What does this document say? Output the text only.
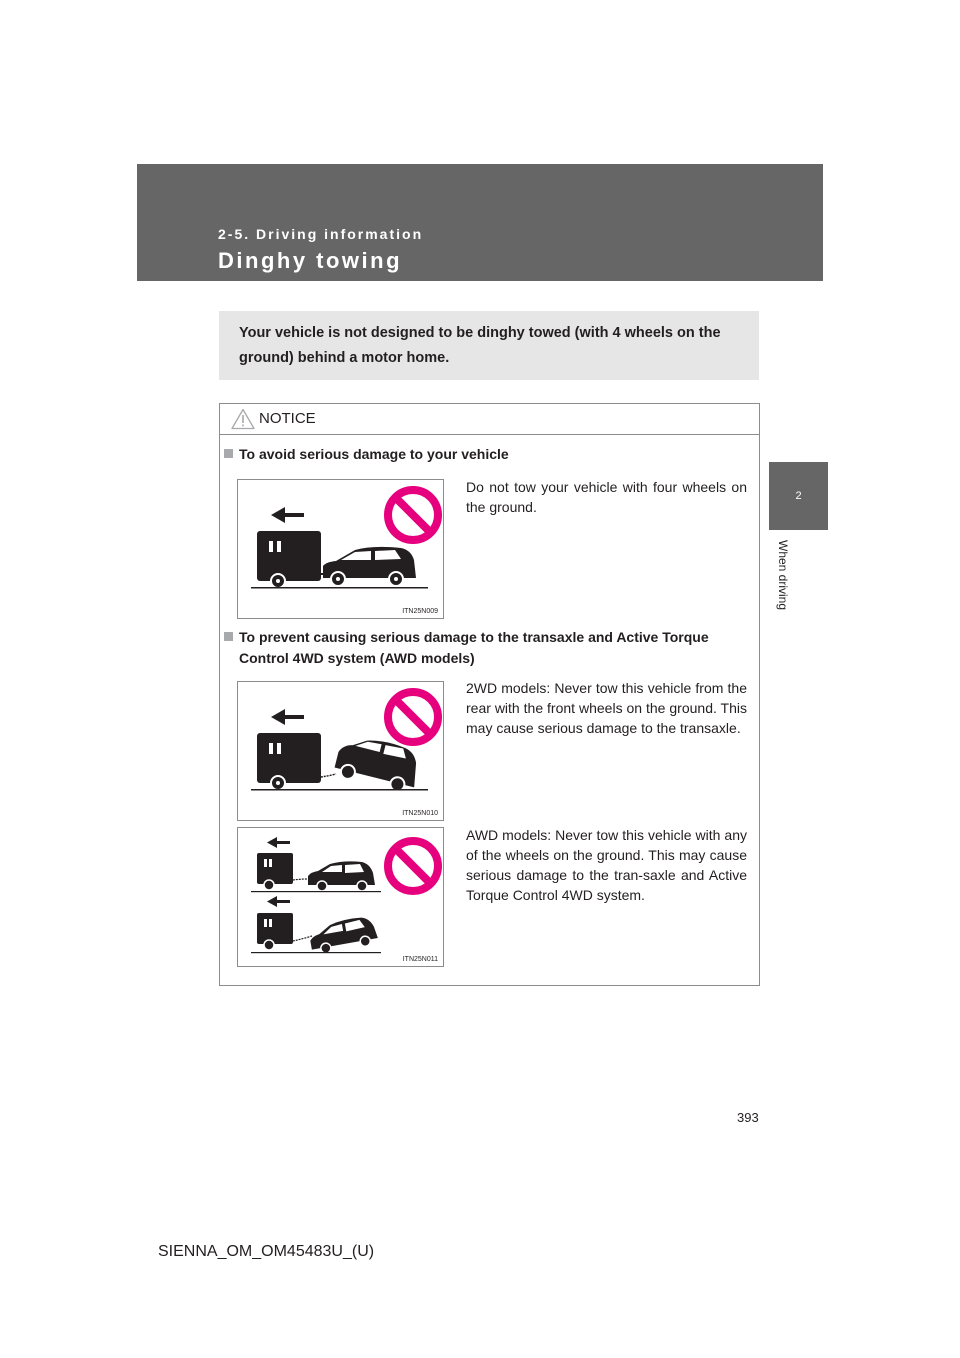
2-5. Driving information
Dinghy towing
2
When driving
Your vehicle is not designed to be dinghy towed (with 4 wheels on the ground) behind a motor home.
NOTICE
To avoid serious damage to your vehicle
ITN25N009
Do not tow your vehicle with four wheels on the ground.
To prevent causing serious damage to the transaxle and Active Torque
Control 4WD system (AWD models)
ITN25N010
2WD models: Never tow this vehicle from the rear with the front wheels on the ground. This may cause serious damage to the transaxle.
ITN25N011
AWD models: Never tow this vehicle with any of the wheels on the ground. This may cause serious damage to the tran-saxle and Active Torque Control 4WD system.
393
SIENNA_OM_OM45483U_(U)
